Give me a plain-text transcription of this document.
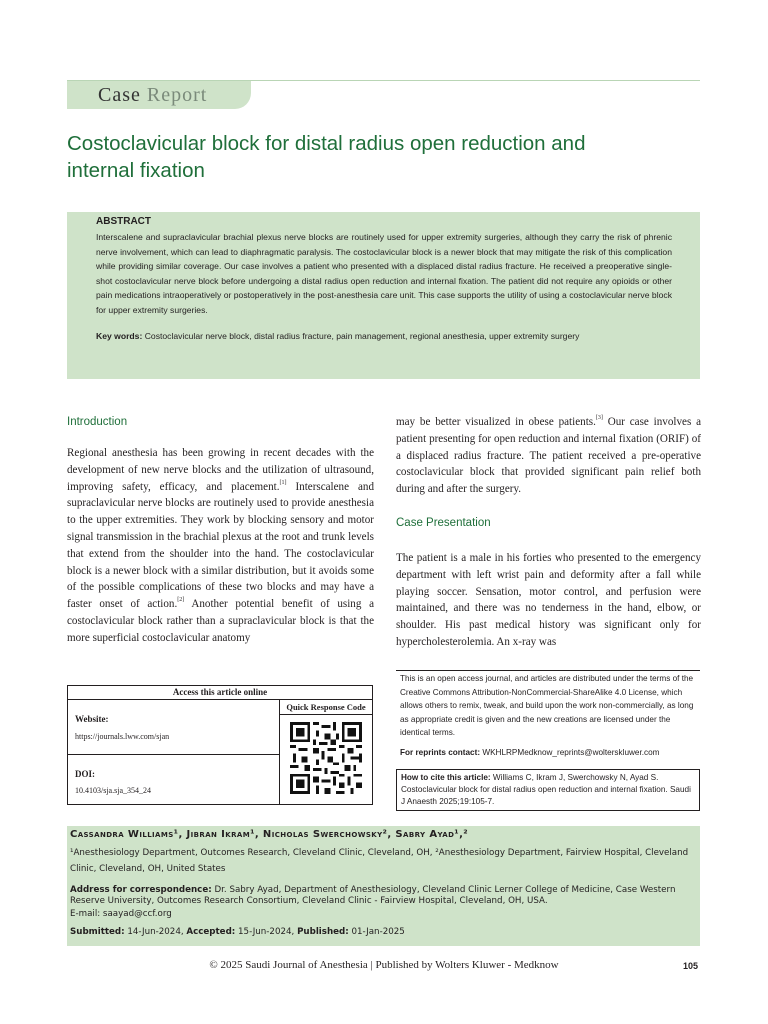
Case Report
Costoclavicular block for distal radius open reduction and
internal fixation
ABSTRACT
Interscalene and supraclavicular brachial plexus nerve blocks are routinely used for upper extremity surgeries, although they carry the risk of phrenic nerve involvement, which can lead to diaphragmatic paralysis. The costoclavicular block is a newer block that may mitigate the risk of this complication while providing similar coverage. Our case involves a patient who presented with a displaced distal radius fracture. He received a preoperative single-shot costoclavicular nerve block before undergoing a distal radius open reduction and internal fixation. The patient did not require any opioids or other pain medications intraoperatively or postoperatively in the post-anesthesia care unit. This case supports the utility of using a costoclavicular nerve block for upper extremity surgeries.
Key words: Costoclavicular nerve block, distal radius fracture, pain management, regional anesthesia, upper extremity surgery
Introduction
Regional anesthesia has been growing in recent decades with the development of new nerve blocks and the utilization of ultrasound, improving safety, efficacy, and placement.[1] Interscalene and supraclavicular nerve blocks are routinely used to provide anesthesia to the upper extremities. They work by blocking sensory and motor signal transmission in the brachial plexus at the root and trunk levels that extend from the shoulder into the hand. The costoclavicular block is a newer block with a similar distribution, but it avoids some of the possible complications of these two blocks and may have a faster onset of action.[2] Another potential benefit of using a costoclavicular block rather than a supraclavicular block is that the more superficial costoclavicular anatomy
may be better visualized in obese patients.[3] Our case involves a patient presenting for open reduction and internal fixation (ORIF) of a displaced radius fracture. The patient received a pre-operative costoclavicular block that provided significant pain relief both during and after the surgery.
Case Presentation
The patient is a male in his forties who presented to the emergency department with left wrist pain and deformity after a fall while playing soccer. Sensation, motor control, and perfusion were maintained, and there was no tenderness in the hand, elbow, or shoulder. His past medical history was significant only for hypercholesterolemia. An x-ray was
Access this article online
Website:
https://journals.lww.com/sjan
DOI:
10.4103/sja.sja_354_24
Quick Response Code
This is an open access journal, and articles are distributed under the terms of the Creative Commons Attribution-NonCommercial-ShareAlike 4.0 License, which allows others to remix, tweak, and build upon the work non-commercially, as long as appropriate credit is given and the new creations are licensed under the identical terms.
For reprints contact: WKHLRPMedknow_reprints@wolterskluwer.com
How to cite this article: Williams C, Ikram J, Swerchowsky N, Ayad S. Costoclavicular block for distal radius open reduction and internal fixation. Saudi J Anaesth 2025;19:105-7.
Cassandra Williams¹, Jibran Ikram¹, Nicholas Swerchowsky², Sabry Ayad¹,²
¹Anesthesiology Department, Outcomes Research, Cleveland Clinic, Cleveland, OH, ²Anesthesiology Department, Fairview Hospital, Cleveland Clinic, Cleveland, OH, United States
Address for correspondence: Dr. Sabry Ayad, Department of Anesthesiology, Cleveland Clinic Lerner College of Medicine, Case Western Reserve University, Outcomes Research Consortium, Cleveland Clinic - Fairview Hospital, Cleveland, OH, USA.
E-mail: saayad@ccf.org
Submitted: 14-Jun-2024, Accepted: 15-Jun-2024, Published: 01-Jan-2025
© 2025 Saudi Journal of Anesthesia | Published by Wolters Kluwer - Medknow	105
